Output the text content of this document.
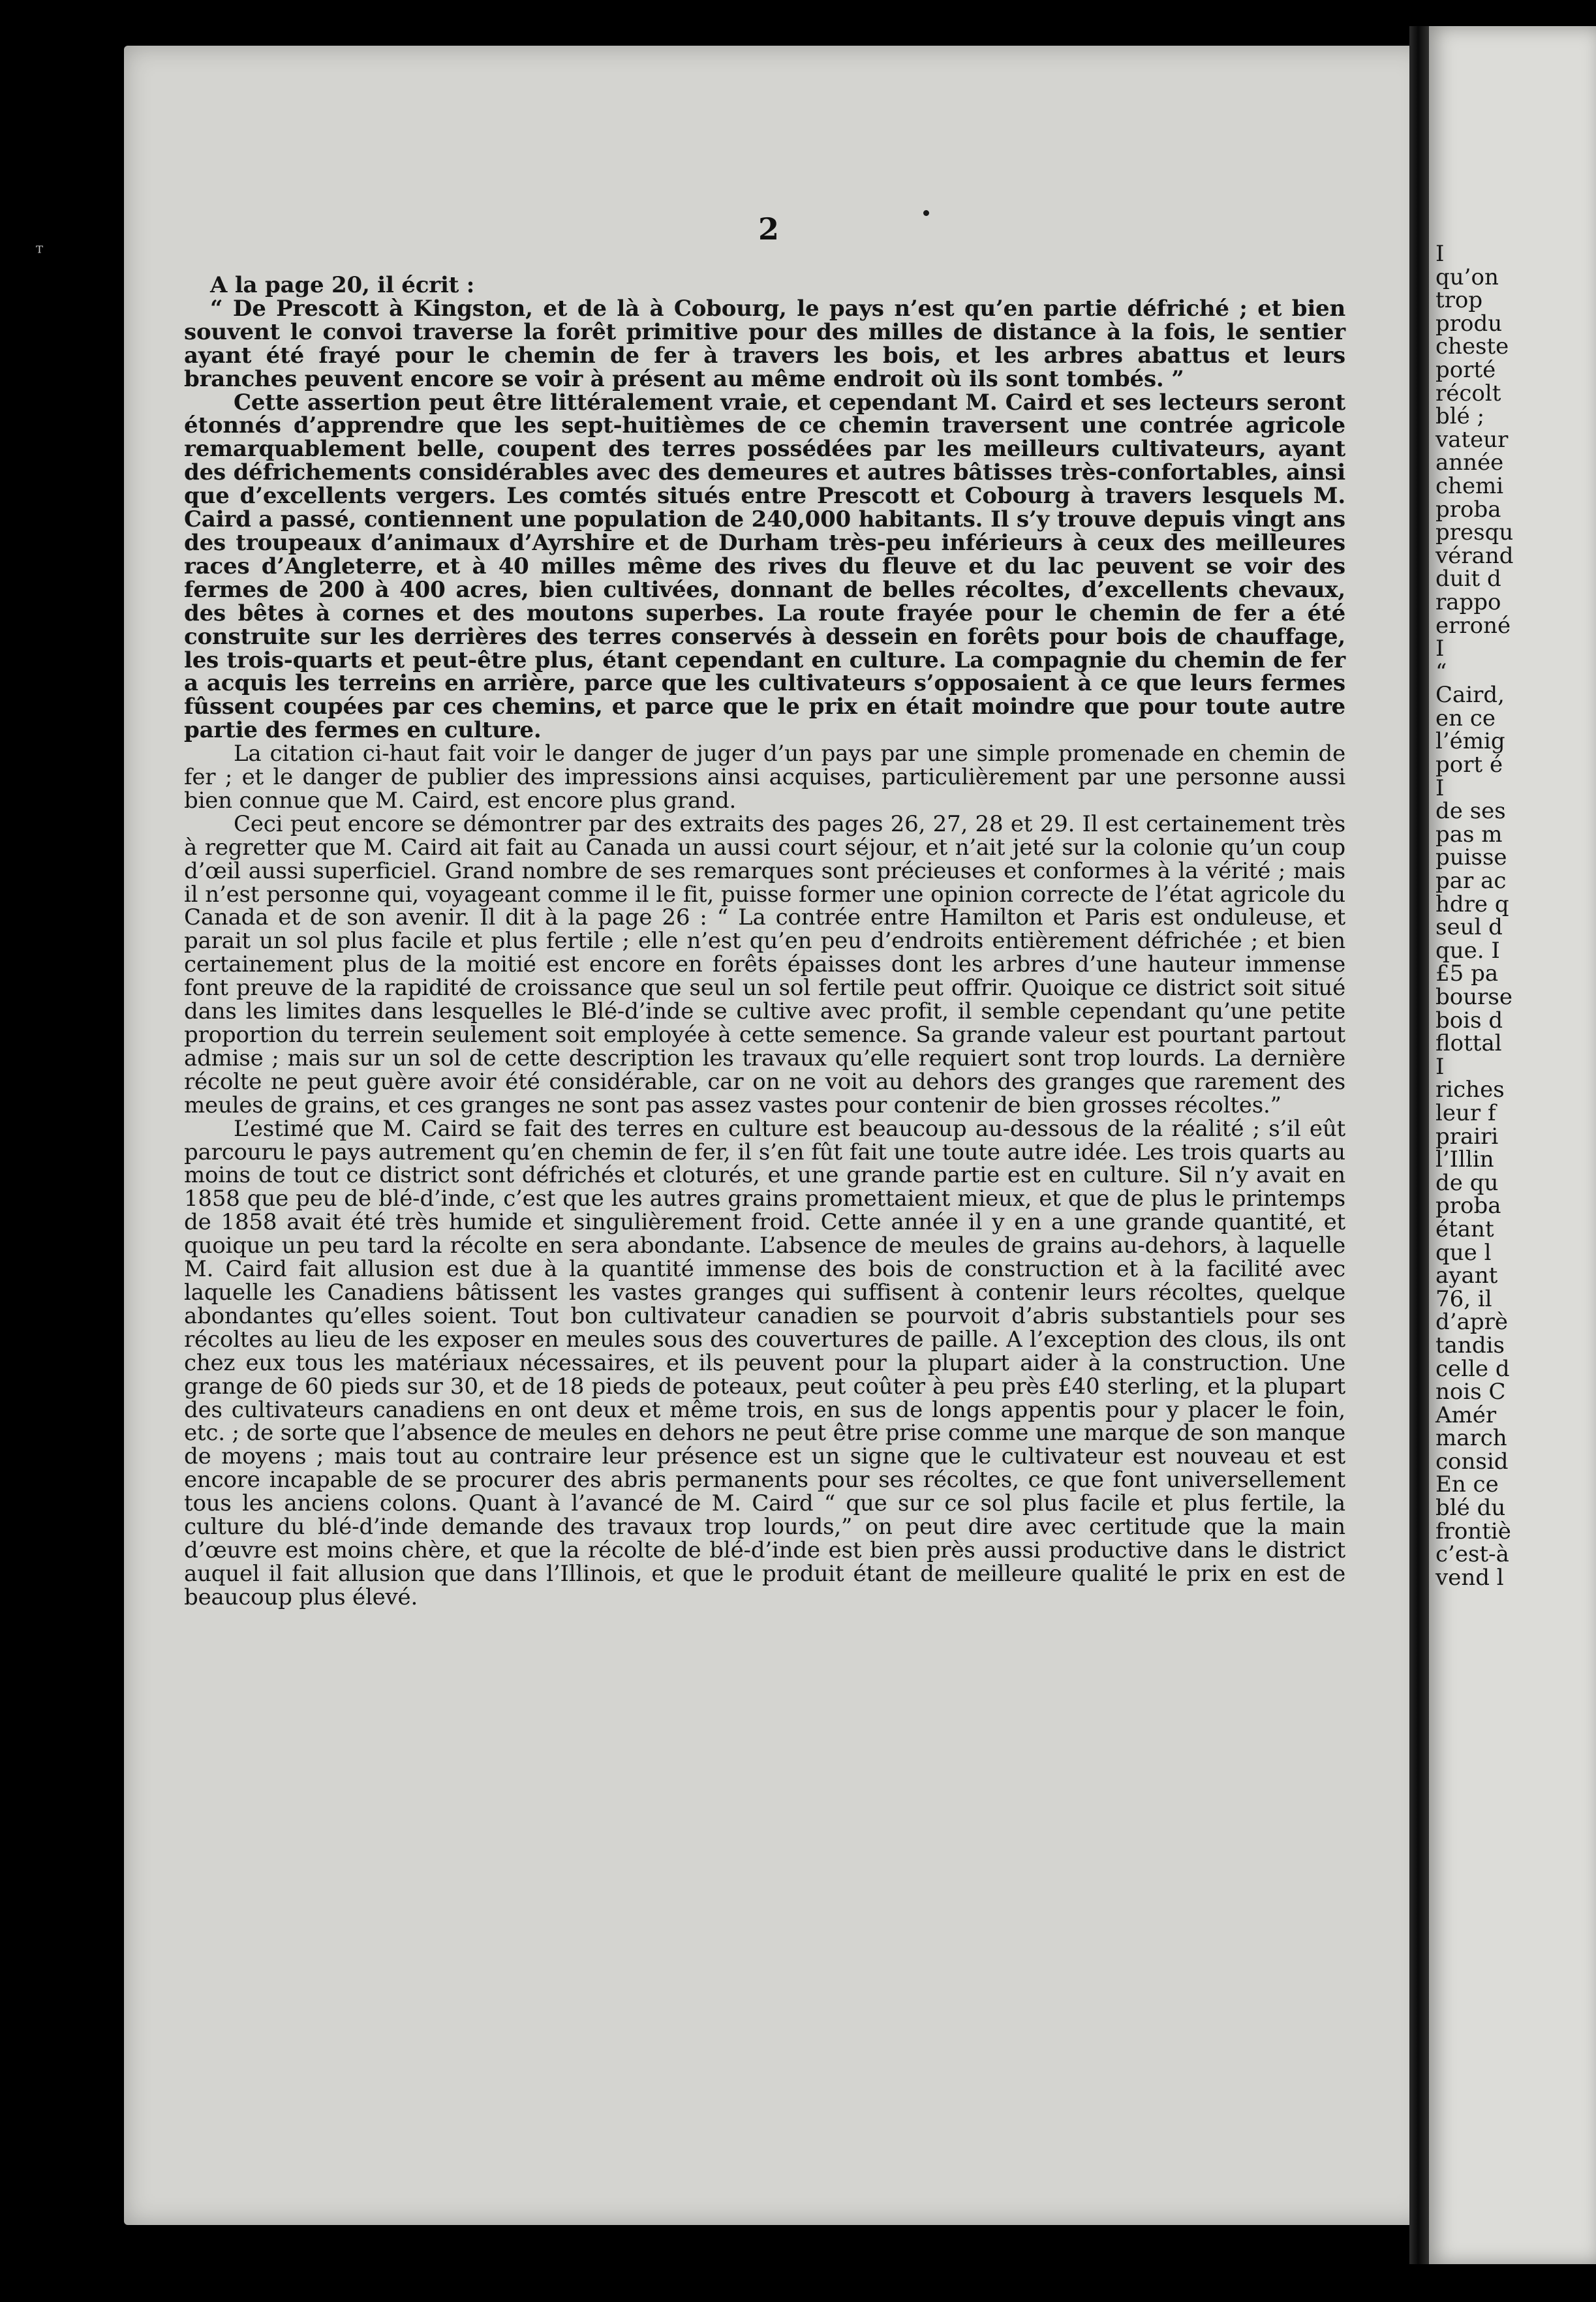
ᵀ
2

A la page 20, il écrit :

“ De Prescott à Kingston, et de là à Cobourg, le pays n’est qu’en partie défriché ; et bien souvent le convoi traverse la forêt primitive pour des milles de distance à la fois, le sentier ayant été frayé pour le chemin de fer à travers les bois, et les arbres abattus et leurs branches peuvent encore se voir à présent au même endroit où ils sont tombés. ”

Cette assertion peut être littéralement vraie, et cependant M. Caird et ses lecteurs seront étonnés d’apprendre que les sept-huitièmes de ce chemin traversent une contrée agricole remarquablement belle, coupent des terres possédées par les meilleurs cultivateurs, ayant des défrichements considérables avec des demeures et autres bâtisses très-confortables, ainsi que d’excellents vergers. Les comtés situés entre Prescott et Cobourg à travers lesquels M. Caird a passé, contiennent une population de 240,000 habitants. Il s’y trouve depuis vingt ans des troupeaux d’animaux d’Ayrshire et de Durham très-peu inférieurs à ceux des meilleures races d’Angleterre, et à 40 milles même des rives du fleuve et du lac peuvent se voir des fermes de 200 à 400 acres, bien cultivées, donnant de belles récoltes, d’excellents chevaux, des bêtes à cornes et des moutons superbes. La route frayée pour le chemin de fer a été construite sur les derrières des terres conservés à dessein en forêts pour bois de chauffage, les trois-quarts et peut-être plus, étant cependant en culture. La compagnie du chemin de fer a acquis les terreins en arrière, parce que les cultivateurs s’opposaient à ce que leurs fermes fûssent coupées par ces chemins, et parce que le prix en était moindre que pour toute autre partie des fermes en culture.

La citation ci-haut fait voir le danger de juger d’un pays par une simple promenade en chemin de fer ; et le danger de publier des impressions ainsi acquises, particulièrement par une personne aussi bien connue que M. Caird, est encore plus grand.

Ceci peut encore se démontrer par des extraits des pages 26, 27, 28 et 29. Il est certainement très à regretter que M. Caird ait fait au Canada un aussi court séjour, et n’ait jeté sur la colonie qu’un coup d’œil aussi superficiel. Grand nombre de ses remarques sont précieuses et conformes à la vérité ; mais il n’est personne qui, voyageant comme il le fit, puisse former une opinion correcte de l’état agricole du Canada et de son avenir. Il dit à la page 26 : “ La contrée entre Hamilton et Paris est onduleuse, et parait un sol plus facile et plus fertile ; elle n’est qu’en peu d’endroits entièrement défrichée ; et bien certainement plus de la moitié est encore en forêts épaisses dont les arbres d’une hauteur immense font preuve de la rapidité de croissance que seul un sol fertile peut offrir. Quoique ce district soit situé dans les limites dans lesquelles le Blé-d’inde se cultive avec profit, il semble cependant qu’une petite proportion du terrein seulement soit employée à cette semence. Sa grande valeur est pourtant partout admise ; mais sur un sol de cette description les travaux qu’elle requiert sont trop lourds. La dernière récolte ne peut guère avoir été considérable, car on ne voit au dehors des granges que rarement des meules de grains, et ces granges ne sont pas assez vastes pour contenir de bien grosses récoltes.”

L’estimé que M. Caird se fait des terres en culture est beaucoup au-dessous de la réalité ; s’il eût parcouru le pays autrement qu’en chemin de fer, il s’en fût fait une toute autre idée. Les trois quarts au moins de tout ce district sont défrichés et cloturés, et une grande partie est en culture. Sil n’y avait en 1858 que peu de blé-d’inde, c’est que les autres grains promettaient mieux, et que de plus le printemps de 1858 avait été très humide et singulièrement froid. Cette année il y en a une grande quantité, et quoique un peu tard la récolte en sera abondante. L’absence de meules de grains au-dehors, à laquelle M. Caird fait allusion est due à la quantité immense des bois de construction et à la facilité avec laquelle les Canadiens bâtissent les vastes granges qui suffisent à contenir leurs récoltes, quelque abondantes qu’elles soient. Tout bon cultivateur canadien se pourvoit d’abris substantiels pour ses récoltes au lieu de les exposer en meules sous des couvertures de paille. A l’exception des clous, ils ont chez eux tous les matériaux nécessaires, et ils peuvent pour la plupart aider à la construction. Une grange de 60 pieds sur 30, et de 18 pieds de poteaux, peut coûter à peu près £40 sterling, et la plupart des cultivateurs canadiens en ont deux et même trois, en sus de longs appentis pour y placer le foin, etc. ; de sorte que l’absence de meules en dehors ne peut être prise comme une marque de son manque de moyens ; mais tout au contraire leur présence est un signe que le cultivateur est nouveau et est encore incapable de se procurer des abris permanents pour ses récoltes, ce que font universellement tous les anciens colons. Quant à l’avancé de M. Caird “ que sur ce sol plus facile et plus fertile, la culture du blé-d’inde demande des travaux trop lourds,” on peut dire avec certitude que la main d’œuvre est moins chère, et que la récolte de blé-d’inde est bien près aussi productive dans le district auquel il fait allusion que dans l’Illinois, et que le produit étant de meilleure qualité le prix en est de beaucoup plus élevé.

I
qu’on
trop
produ
cheste
porté
récolt
blé ;
vateur
année
chemi
proba
presqu
vérand
duit d
rappo
erroné
I
“
Caird,
en ce
l’émig
port é
I
de ses
pas m
puisse
par ac
hdre q
seul d
que. I
£5 pa
bourse
bois d
flottal
I
riches
leur f
prairi
l’Illin
de qu
proba
étant
que l
ayant
76, il
d’aprè
tandis
celle d
nois C
Amér
march
consid
En ce
blé du
frontiè
c’est-à
vend l
